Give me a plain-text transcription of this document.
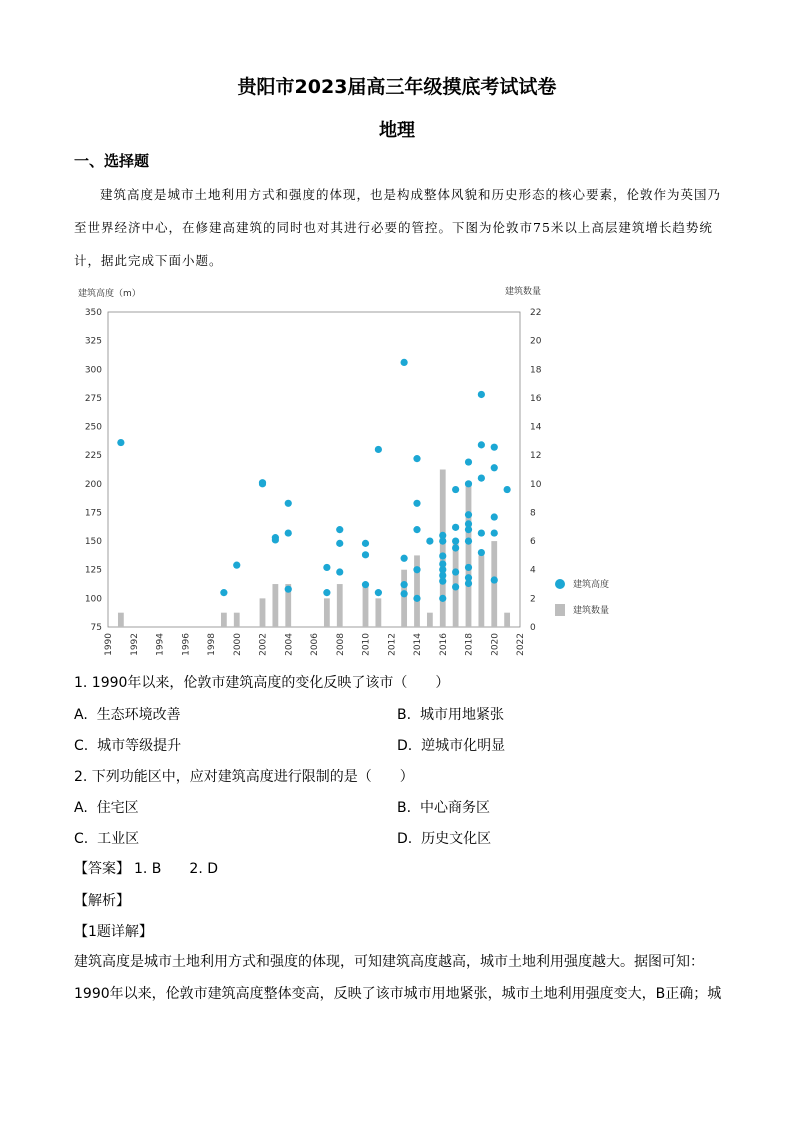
贵阳市2023届高三年级摸底考试试卷
地理
一、选择题
建筑高度是城市土地利用方式和强度的体现，也是构成整体风貌和历史形态的核心要素，伦敦作为英国乃至世界经济中心，在修建高建筑的同时也对其进行必要的管控。下图为伦敦市75米以上高层建筑增长趋势统计，据此完成下面小题。
建筑高度（m）	建筑数量
75
100
125
150
175
200
225
250
275
300
325
350
0
2
4
6
8
10
12
14
16
18
20
22
1990 1992 1994 1996 1998 2000 2002 2004 2006 2008 2010 2012 2014 2016 2018 2020 2022
建筑高度
建筑数量
1. 1990年以来，伦敦市建筑高度的变化反映了该市（　　）
A. 生态环境改善	B. 城市用地紧张
C. 城市等级提升	D. 逆城市化明显
2. 下列功能区中，应对建筑高度进行限制的是（　　）
A. 住宅区	B. 中心商务区
C. 工业区	D. 历史文化区
【答案】 1. B　　2. D
【解析】
【1题详解】
建筑高度是城市土地利用方式和强度的体现，可知建筑高度越高，城市土地利用强度越大。据图可知：1990年以来，伦敦市建筑高度整体变高，反映了该市城市用地紧张，城市土地利用强度变大，B正确；城
